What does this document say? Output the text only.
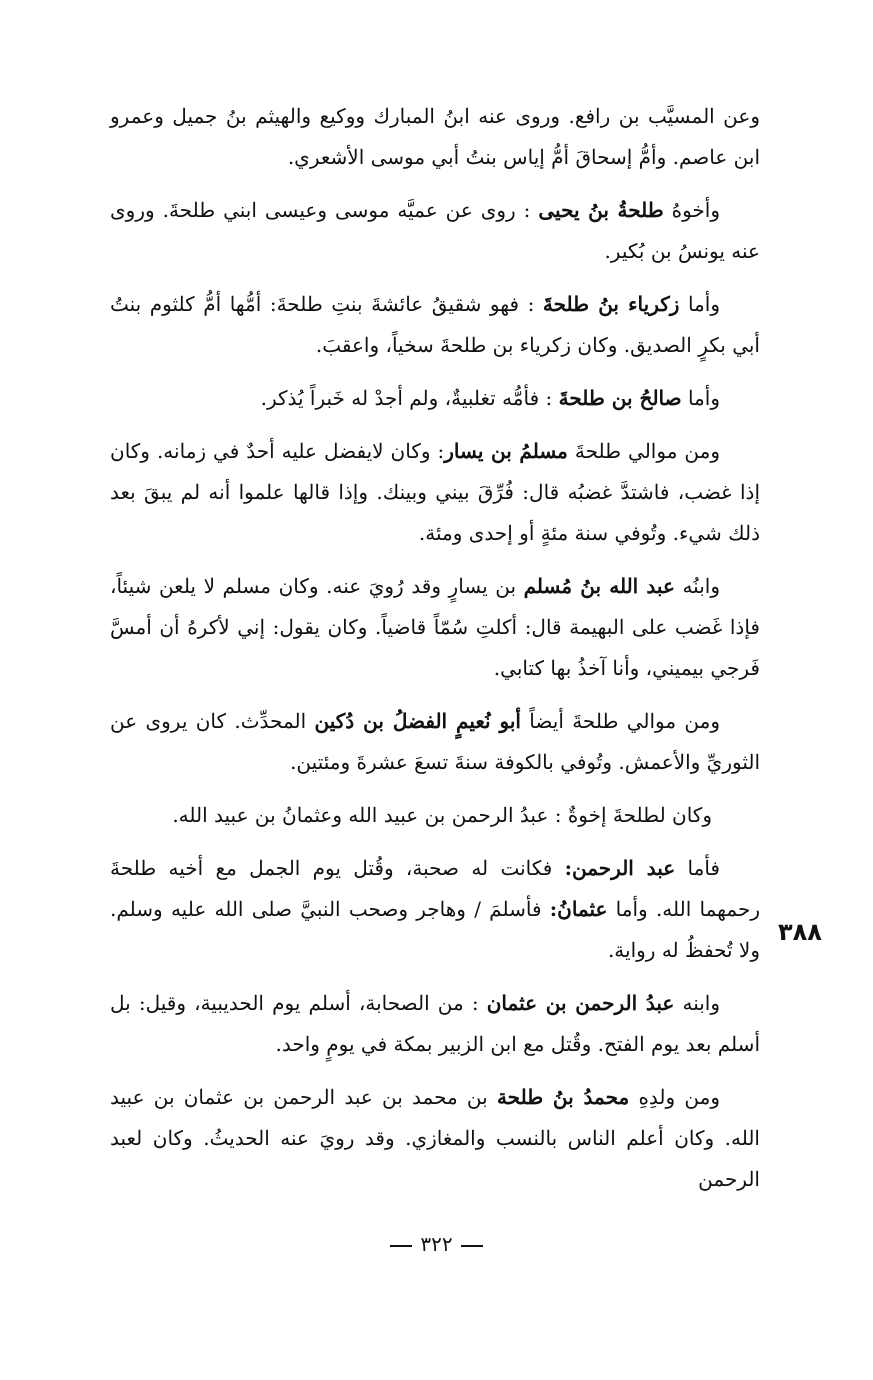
وعن المسيَّب بن رافع. وروى عنه ابنُ المبارك ووكيع والهيثم بنُ جميل وعمرو ابن عاصم. وأمُّ إسحاقَ أمُّ إياس بنتُ أبي موسى الأشعري.

وأخوهُ طلحةُ بنُ يحيى : روى عن عميَّه موسى وعيسى ابني طلحةَ. وروى عنه يونسُ بن بُكير.

وأما زكرياء بنُ طلحةَ : فهو شقيقُ عائشةَ بنتِ طلحةَ: أمُّها أمُّ كلثوم بنتُ أبي بكرٍ الصديق. وكان زكرياء بن طلحةَ سخياً، واعقبَ.

وأما صالحُ بن طلحةَ : فأمُّه تغلبيةٌ، ولم أجدْ له خَبراً يُذكر.

ومن موالي طلحةَ مسلمُ بن يسار: وكان لايفضل عليه أحدٌ في زمانه. وكان إذا غضب، فاشتدَّ غضبُه قال: فُرِّقَ بيني وبينك. وإذا قالها علموا أنه لم يبقَ بعد ذلك شيء. وتُوفي سنة مئةٍ أو إحدى ومئة.

وابنُه عبد الله بنُ مُسلم بن يسارٍ وقد رُويَ عنه. وكان مسلم لا يلعن شيئاً، فإذا غَضب على البهيمة قال: أكلتِ سُمّاً قاضياً. وكان يقول: إني لأكرهُ أن أمسَّ فَرجي بيميني، وأنا آخذُ بها كتابي.

ومن موالي طلحةَ أيضاً أبو نُعيمٍ الفضلُ بن دُكين المحدِّث. كان يروى عن الثوريِّ والأعمش. وتُوفي بالكوفة سنةَ تسعَ عشرةَ ومئتين.

وكان لطلحةَ إخوةٌ : عبدُ الرحمن بن عبيد الله وعثمانُ بن عبيد الله.

فأما عبد الرحمن: فكانت له صحبة، وقُتل يوم الجمل مع أخيه طلحةَ رحمهما الله. وأما عثمانُ: فأسلمَ / وهاجر وصحب النبيَّ صلى الله عليه وسلم. ولا تُحفظُ له رواية.

وابنه عبدُ الرحمن بن عثمان : من الصحابة، أسلم يوم الحديبية، وقيل: بل أسلم بعد يوم الفتح. وقُتل مع ابن الزبير بمكة في يومٍ واحد.

ومن ولدِهِ محمدُ بنُ طلحة بن محمد بن عبد الرحمن بن عثمان بن عبيد الله. وكان أعلم الناس بالنسب والمغازي. وقد رويَ عنه الحديثُ. وكان لعبد الرحمن

٣٨٨
٣٢٢
